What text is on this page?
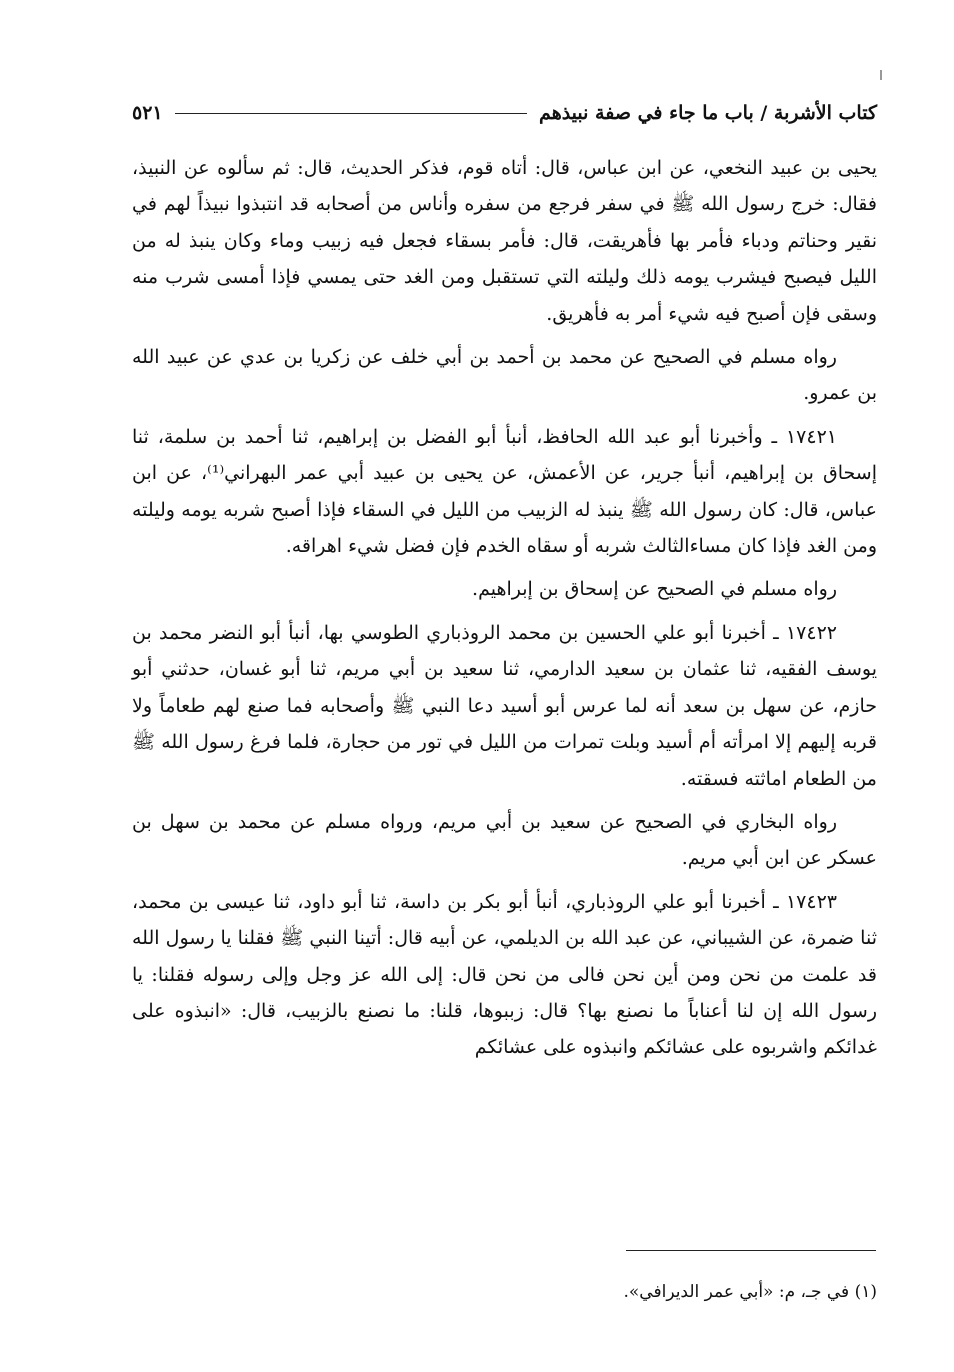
كتاب الأشربة / باب ما جاء في صفة نبيذهم
٥٢١

يحيى بن عبيد النخعي، عن ابن عباس، قال: أتاه قوم، فذكر الحديث، قال: ثم سألوه عن النبيذ، فقال: خرج رسول الله ﷺ في سفر فرجع من سفره وأناس من أصحابه قد انتبذوا نبيذاً لهم في نقير وحناتم ودباء فأمر بها فأهريقت، قال: فأمر بسقاء فجعل فيه زبيب وماء وكان ينبذ له من الليل فيصبح فيشرب يومه ذلك وليلته التي تستقبل ومن الغد حتى يمسي فإذا أمسى شرب منه وسقى فإن أصبح فيه شيء أمر به فأهريق.

رواه مسلم في الصحيح عن محمد بن أحمد بن أبي خلف عن زكريا بن عدي عن عبيد الله بن عمرو.

١٧٤٢١ ـ وأخبرنا أبو عبد الله الحافظ، أنبأ أبو الفضل بن إبراهيم، ثنا أحمد بن سلمة، ثنا إسحاق بن إبراهيم، أنبأ جرير، عن الأعمش، عن يحيى بن عبيد أبي عمر البهراني⁽¹⁾، عن ابن عباس، قال: كان رسول الله ﷺ ينبذ له الزبيب من الليل في السقاء فإذا أصبح شربه يومه وليلته ومن الغد فإذا كان مساءالثالث شربه أو سقاه الخدم فإن فضل شيء اهراقه.

رواه مسلم في الصحيح عن إسحاق بن إبراهيم.

١٧٤٢٢ ـ أخبرنا أبو علي الحسين بن محمد الروذباري الطوسي بها، أنبأ أبو النضر محمد بن يوسف الفقيه، ثنا عثمان بن سعيد الدارمي، ثنا سعيد بن أبي مريم، ثنا أبو غسان، حدثني أبو حازم، عن سهل بن سعد أنه لما عرس أبو أسيد دعا النبي ﷺ وأصحابه فما صنع لهم طعاماً ولا قربه إليهم إلا امرأته أم أسيد وبلت تمرات من الليل في تور من حجارة، فلما فرغ رسول الله ﷺ من الطعام اماثته فسقته.

رواه البخاري في الصحيح عن سعيد بن أبي مريم، ورواه مسلم عن محمد بن سهل بن عسكر عن ابن أبي مريم.

١٧٤٢٣ ـ أخبرنا أبو علي الروذباري، أنبأ أبو بكر بن داسة، ثنا أبو داود، ثنا عيسى بن محمد، ثنا ضمرة، عن الشيباني، عن عبد الله بن الديلمي، عن أبيه قال: أتينا النبي ﷺ فقلنا يا رسول الله قد علمت من نحن ومن أين نحن فالى من نحن قال: إلى الله عز وجل وإلى رسوله فقلنا: يا رسول الله إن لنا أعناباً ما نصنع بها؟ قال: زببوها، قلنا: ما نصنع بالزبيب، قال: «انبذوه على غدائكم واشربوه على عشائكم وانبذوه على عشائكم

(١) في جـ، م: «أبي عمر الديرافي».
